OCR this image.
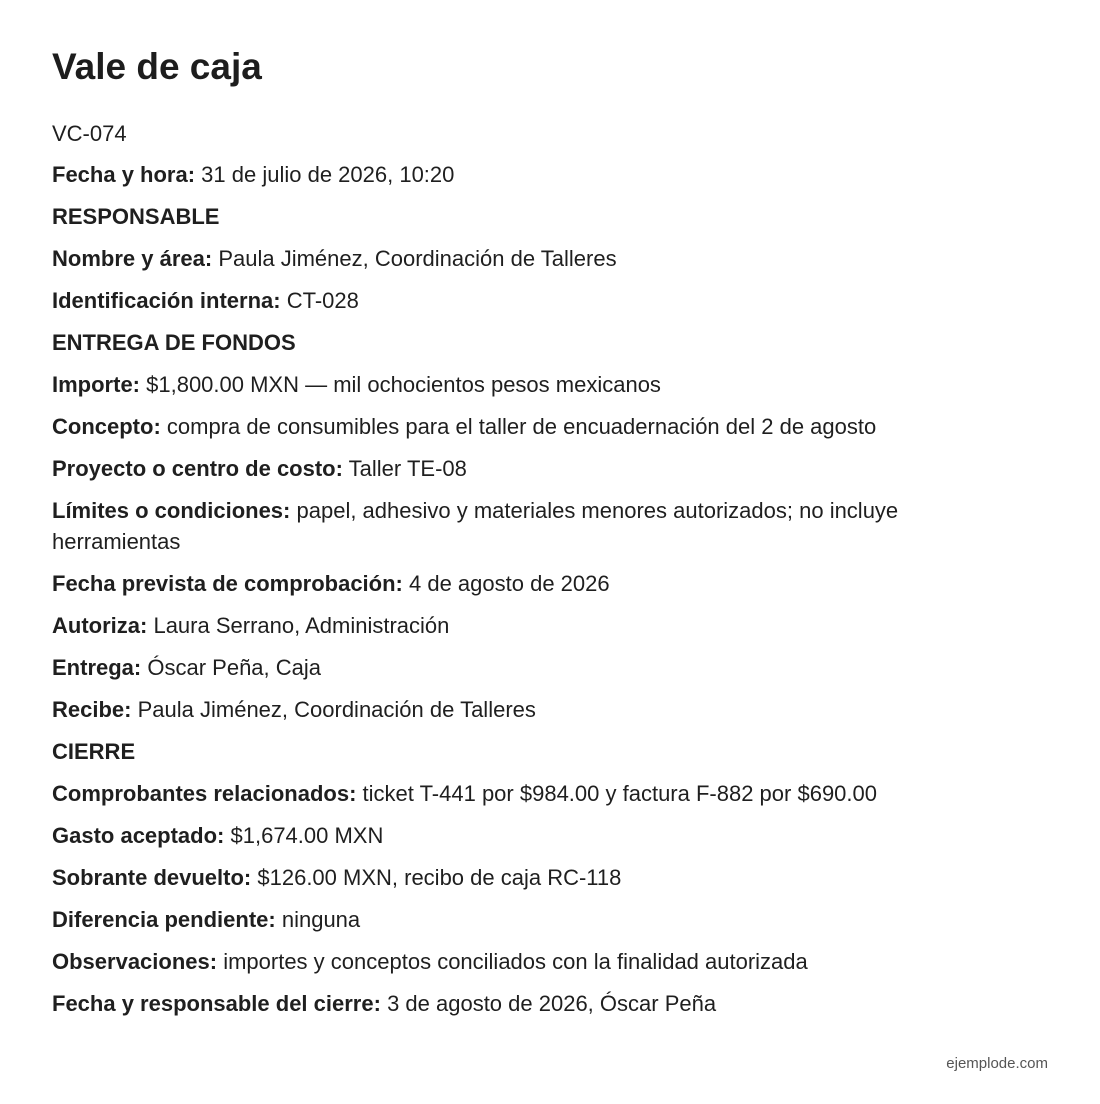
Vale de caja
VC-074
Fecha y hora: 31 de julio de 2026, 10:20
RESPONSABLE
Nombre y área: Paula Jiménez, Coordinación de Talleres
Identificación interna: CT-028
ENTREGA DE FONDOS
Importe: $1,800.00 MXN — mil ochocientos pesos mexicanos
Concepto: compra de consumibles para el taller de encuadernación del 2 de agosto
Proyecto o centro de costo: Taller TE-08
Límites o condiciones: papel, adhesivo y materiales menores autorizados; no incluye herramientas
Fecha prevista de comprobación: 4 de agosto de 2026
Autoriza: Laura Serrano, Administración
Entrega: Óscar Peña, Caja
Recibe: Paula Jiménez, Coordinación de Talleres
CIERRE
Comprobantes relacionados: ticket T-441 por $984.00 y factura F-882 por $690.00
Gasto aceptado: $1,674.00 MXN
Sobrante devuelto: $126.00 MXN, recibo de caja RC-118
Diferencia pendiente: ninguna
Observaciones: importes y conceptos conciliados con la finalidad autorizada
Fecha y responsable del cierre: 3 de agosto de 2026, Óscar Peña
ejemplode.com
